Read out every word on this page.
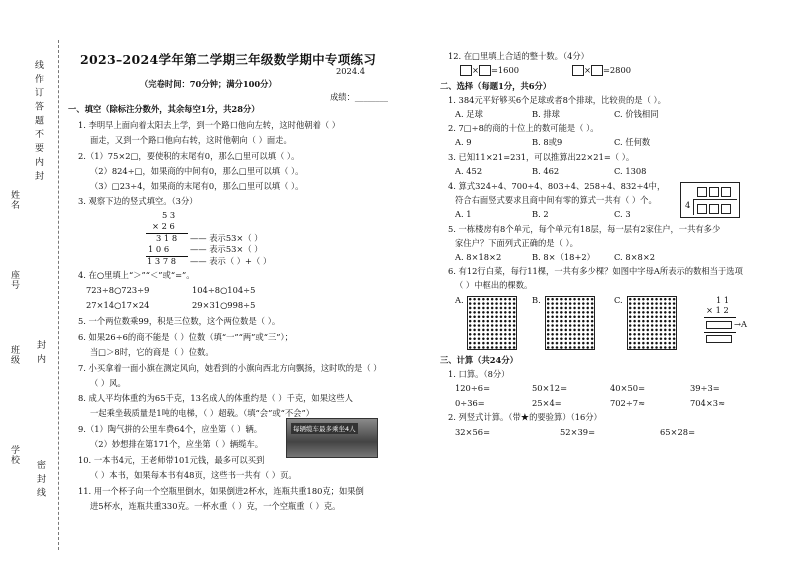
线 作 订 答 题 不 要 内 封
姓名
座号
班级
学校
密 封 线
封 内
2023–2024学年第二学期三年级数学期中专项练习
2024.4
（完卷时间：70分钟；满分100分）
成绩：________
一、填空（除标注分数外，其余每空1分，共28分）
1. 李明早上面向着太阳去上学，到一个路口他向左转，这时他朝着（ ）
面走，又到一个路口他向右转，这时他朝向（ ）面走。
2.（1）75×2□，要使积的末尾有0，那么□里可以填（ ）。
（2）824÷□，如果商的中间有0，那么□里可以填（ ）。
（3）□23÷4，如果商的末尾有0，那么□里可以填（ ）。
3. 观察下边的竖式填空。（3分）
5 3
× 2 6
3 1 8
1 0 6
1 3 7 8
—— 表示53×（ ）
—— 表示53×（ ）
—— 表示（ ）+（ ）
4. 在○里填上“＞”“＜”或“=”。
723÷8○723÷9	104÷8○104÷5
27×14○17×24	29×31○998÷5
5. 一个两位数乘99，积是三位数，这个两位数是（ ）。
6. 如果26÷6的商不能是（ ）位数（填“一”“两”或“三”）；
当□＞8时，它的商是（ ）位数。
7. 小买拿着一面小旗在测定风向，她看到的小旗向西北方向飘扬，这时吹的是（ ）
（ ）风。
8. 成人平均体重约为65千克，13名成人的体重约是（ ）千克，如果这些人
一起乘坐载质量是1吨的电梯，（ ）超载。（填“会”或“不会”）
9.（1）陶气拼的公里车费64个，应坐第（ ）辆。
（2）妙想排在第171个，应坐第（ ）辆缆车。
每辆缆车最多乘坐4人
10. 一本书4元，王老师带101元钱，最多可以买到
（ ）本书，如果每本书有48页，这些书一共有（ ）页。
11. 用一个杯子向一个空瓶里倒水，如果倒进2杯水，连瓶共重180克；如果倒
进5杯水，连瓶共重330克。一杯水重（ ）克，一个空瓶重（ ）克。
12. 在□里填上合适的整十数。（4分）
× =1600	× =2800
二、选择（每题1分，共6分）
1. 384元平好够买6个足球或者8个排球，比较贵的是（ ）。
A. 足球	B. 排球	C. 价钱相同
2. 7□÷8的商的十位上的数可能是（ ）。
A. 9	B. 8或9	C. 任何数
3. 已知11×21=231，可以推算出22×21=（ ）。
A. 452	B. 462	C. 1308
4. 算式324÷4、700÷4、803÷4、258÷4、832÷4中，
符合右面竖式要求且商中间有零的算式一共有（ ）个。
A. 1	B. 2	C. 3
4
5. 一栋楼房有8个单元，每个单元有18层，每一层有2家住户，一共有多少
家住户？下面列式正确的是（ ）。
A. 8×18×2	B. 8×（18+2） C. 8×8×2
6. 有12行白菜，每行11棵，一共有多少棵？如图中字母A所表示的数相当于选项
（ ）中框出的棵数。
A.	B.	C.	1 1
× 1 2
→A
三、计算（共24分）
1. 口算。（8分）
120÷6=	50×12=	40×50=	39÷3=
0÷36=	25×4=	702÷7≈	704×3≈
2. 列竖式计算。（带★的要验算）（16分）
32×56=	52×39=	65×28=
